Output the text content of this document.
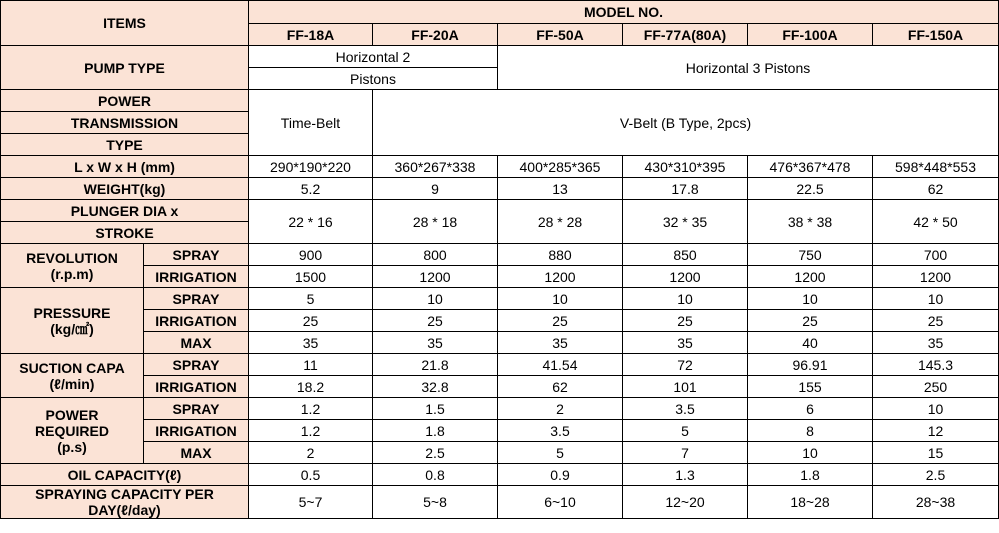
ITEMS		MODEL NO.					
		FF-18A	FF-20A	FF-50A	FF-77A(80A)	FF-100A	FF-150A
PUMP TYPE		Horizontal 2		Horizontal 3 Pistons			
		Pistons					
POWER		Time-Belt	V-Belt (B Type, 2pcs)				
TRANSMISSION							
TYPE							
L x W x H (mm)		290*190*220	360*267*338	400*285*365	430*310*395	476*367*478	598*448*553
WEIGHT(kg)		5.2	9	13	17.8	22.5	62
PLUNGER DIA x		22 * 16	28 * 18	28 * 28	32 * 35	38 * 38	42 * 50
STROKE							

REVOLUTION
(r.p.m)	SPRAY	900	800	880	850	750	700
	IRRIGATION	1500	1200	1200	1200	1200	1200

PRESSURE
(kg/㎠)	SPRAY	5	10	10	10	10	10
	IRRIGATION	25	25	25	25	25	25
	MAX	35	35	35	35	40	35

SUCTION CAPA
(ℓ/min)	SPRAY	11	21.8	41.54	72	96.91	145.3
	IRRIGATION	18.2	32.8	62	101	155	250

POWER
REQUIRED
(p.s)	SPRAY	1.2	1.5	2	3.5	6	10
	IRRIGATION	1.2	1.8	3.5	5	8	12
	MAX	2	2.5	5	7	10	15
OIL CAPACITY(ℓ)		0.5	0.8	0.9	1.3	1.8	2.5

SPRAYING CAPACITY PER
DAY(ℓ/day)		5~7	5~8	6~10	12~20	18~28	28~38
